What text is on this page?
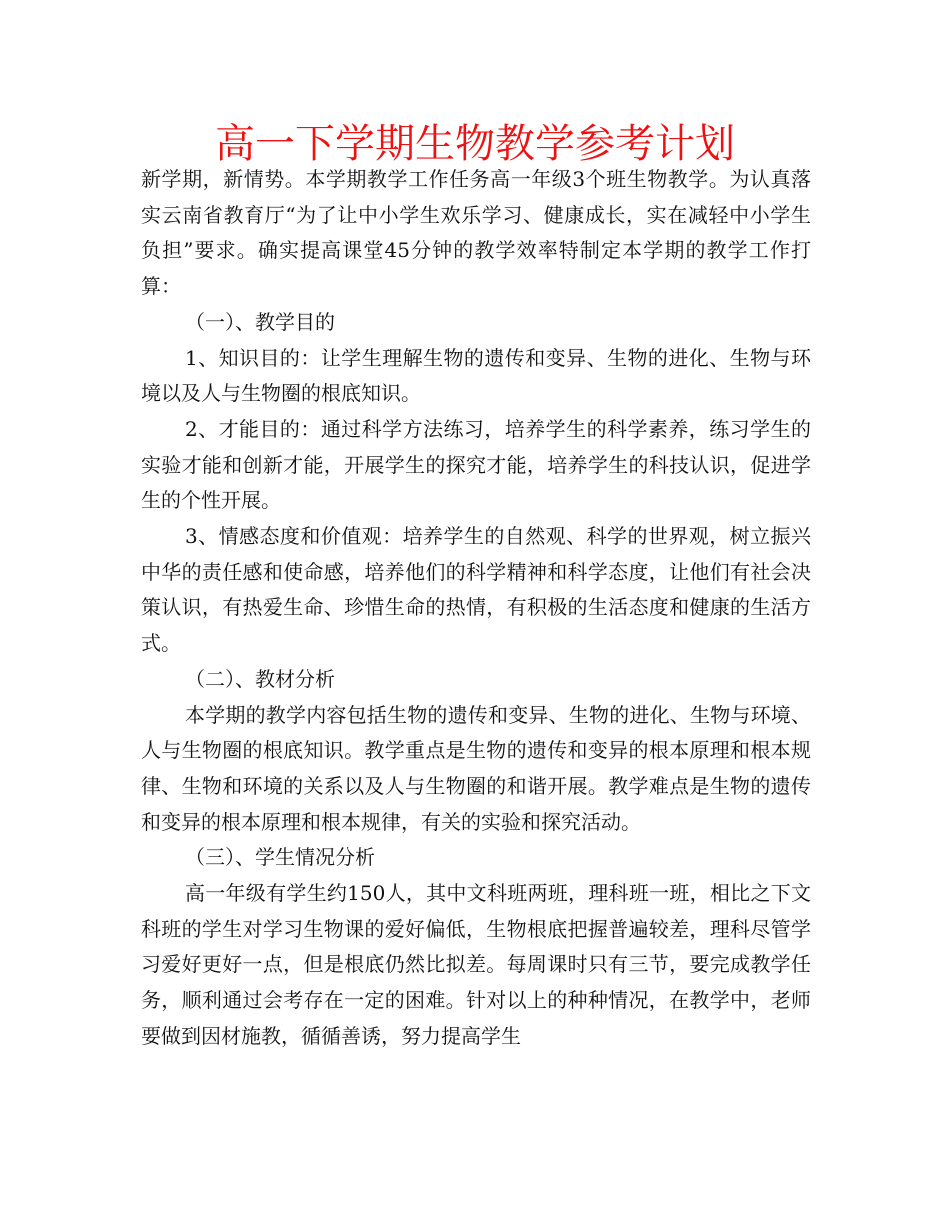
高一下学期生物教学参考计划

新学期，新情势。本学期教学工作任务高一年级3个班生物教学。为认真落实云南省教育厅“为了让中小学生欢乐学习、健康成长，实在减轻中小学生负担”要求。确实提高课堂45分钟的教学效率特制定本学期的教学工作打算：

（一）、教学目的

1、知识目的：让学生理解生物的遗传和变异、生物的进化、生物与环境以及人与生物圈的根底知识。

2、才能目的：通过科学方法练习，培养学生的科学素养，练习学生的实验才能和创新才能，开展学生的探究才能，培养学生的科技认识，促进学生的个性开展。

3、情感态度和价值观：培养学生的自然观、科学的世界观，树立振兴中华的责任感和使命感，培养他们的科学精神和科学态度，让他们有社会决策认识，有热爱生命、珍惜生命的热情，有积极的生活态度和健康的生活方式。

（二）、教材分析

本学期的教学内容包括生物的遗传和变异、生物的进化、生物与环境、人与生物圈的根底知识。教学重点是生物的遗传和变异的根本原理和根本规律、生物和环境的关系以及人与生物圈的和谐开展。教学难点是生物的遗传和变异的根本原理和根本规律，有关的实验和探究活动。

（三）、学生情况分析

高一年级有学生约150人，其中文科班两班，理科班一班，相比之下文科班的学生对学习生物课的爱好偏低，生物根底把握普遍较差，理科尽管学习爱好更好一点，但是根底仍然比拟差。每周课时只有三节，要完成教学任务，顺利通过会考存在一定的困难。针对以上的种种情况，在教学中，老师要做到因材施教，循循善诱，努力提高学生
